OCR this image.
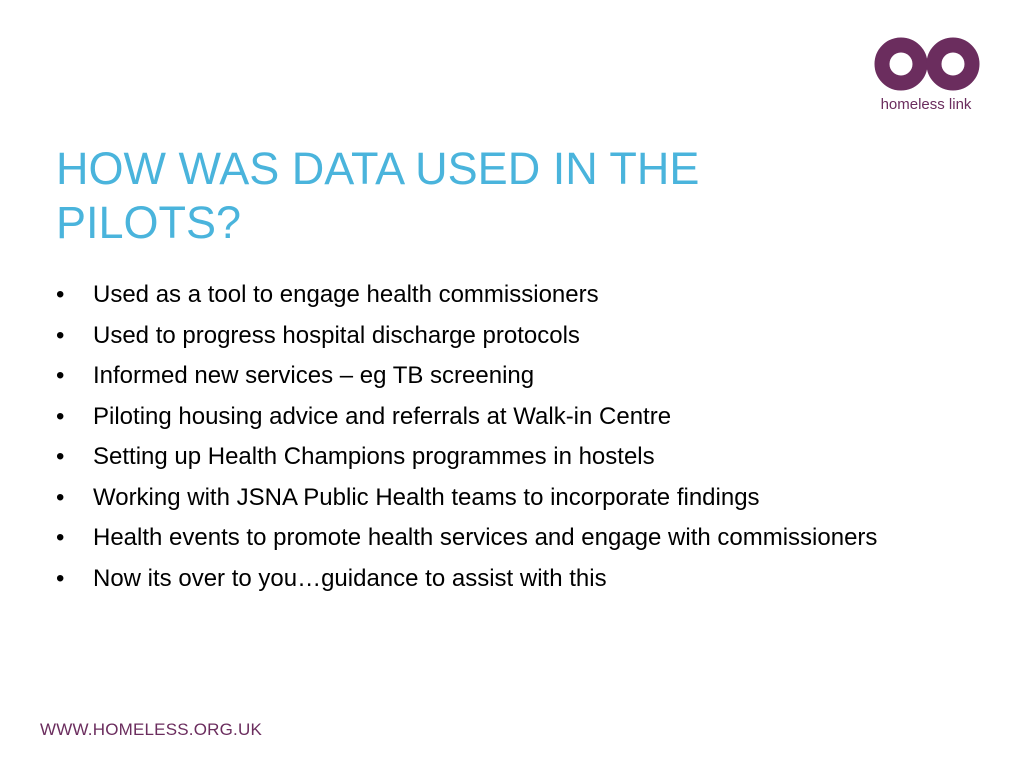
homeless link
HOW WAS DATA USED IN THE PILOTS?
•	Used as a tool to engage health commissioners
•	Used to progress hospital discharge protocols
•	Informed new services – eg TB screening
•	Piloting housing advice and referrals at Walk-in Centre
•	Setting up Health Champions programmes in hostels
•	Working with JSNA Public Health teams to incorporate findings
•	Health events to promote health services and engage with commissioners
•	Now its over to you…guidance to assist with this
WWW.HOMELESS.ORG.UK
